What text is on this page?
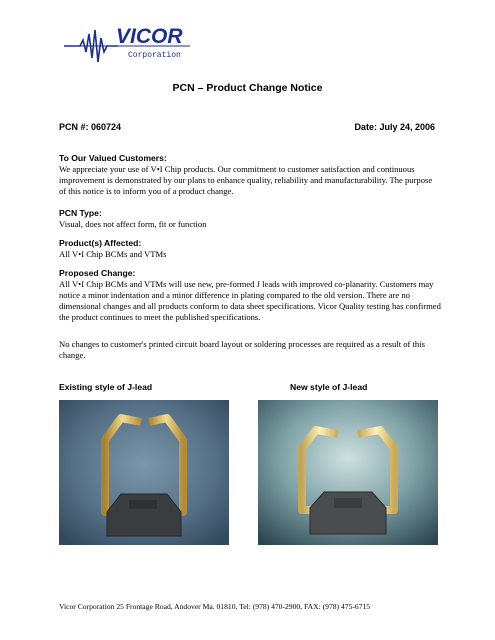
VICOR
Corporation
PCN – Product Change Notice
PCN #: 060724	Date: July 24, 2006
To Our Valued Customers:
We appreciate your use of V•I Chip products. Our commitment to customer satisfaction and continuous improvement is demonstrated by our plans to enhance quality, reliability and manufacturability. The purpose of this notice is to inform you of a product change.
PCN Type:
Visual, does not affect form, fit or function
Product(s) Affected:
All V•I Chip BCMs and VTMs
Proposed Change:
All V•I Chip BCMs and VTMs will use new, pre-formed J leads with improved co-planarity. Customers may notice a minor indentation and a minor difference in plating compared to the old version. There are no dimensional changes and all products conform to data sheet specifications. Vicor Quality testing has confirmed the product continues to meet the published specifications.
No changes to customer's printed circuit board layout or soldering processes are required as a result of this change.
Existing style of J-lead	New style of J-lead
Vicor Corporation 25 Frontage Road, Andover Ma. 01810, Tel: (978) 470-2900, FAX: (978) 475-6715
